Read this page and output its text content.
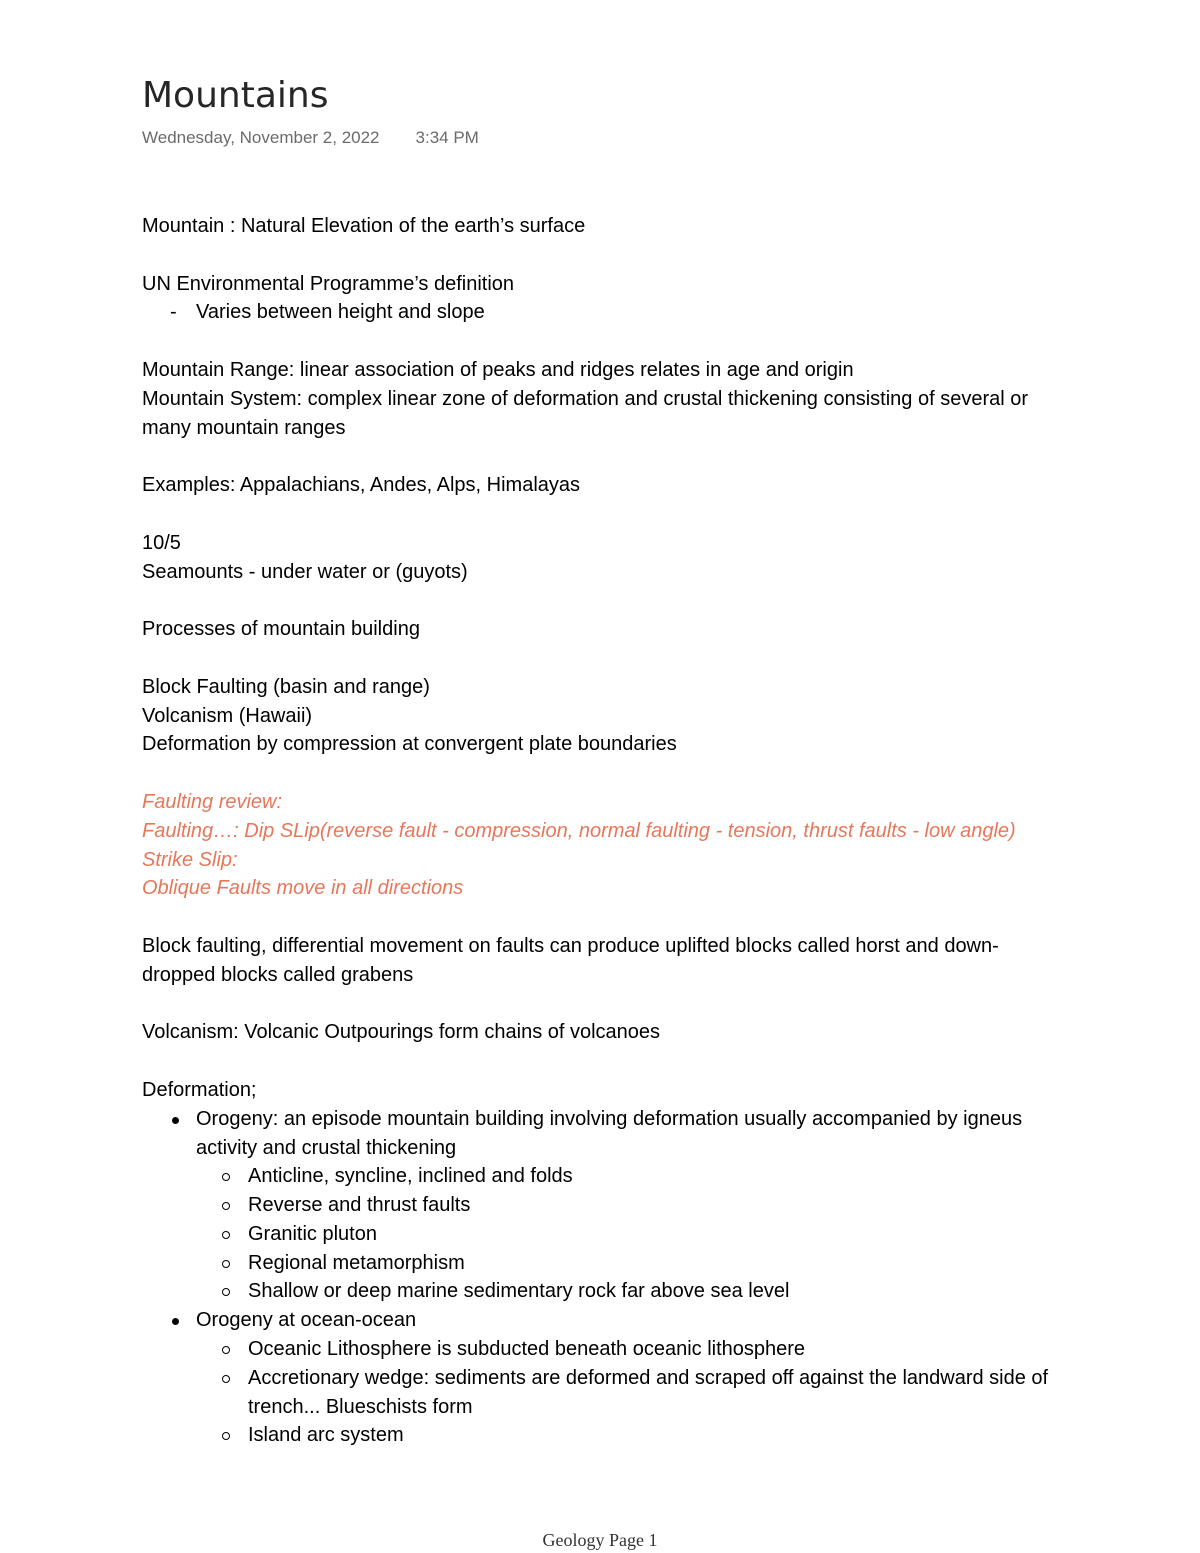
Mountains
Wednesday, November 2, 2022 3:34 PM

Mountain : Natural Elevation of the earth’s surface

UN Environmental Programme’s definition

- Varies between height and slope

Mountain Range: linear association of peaks and ridges relates in age and origin

Mountain System: complex linear zone of deformation and crustal thickening consisting of several or many mountain ranges

Examples: Appalachians, Andes, Alps, Himalayas

10/5

Seamounts - under water or (guyots)

Processes of mountain building

Block Faulting (basin and range)

Volcanism (Hawaii)

Deformation by compression at convergent plate boundaries

Faulting review:

Faulting…: Dip SLip(reverse fault - compression, normal faulting - tension, thrust faults - low angle)

Strike Slip:

Oblique Faults move in all directions

Block faulting, differential movement on faults can produce uplifted blocks called horst and down-dropped blocks called grabens

Volcanism: Volcanic Outpourings form chains of volcanoes

Deformation;

Orogeny: an episode mountain building involving deformation usually accompanied by igneus activity and crustal thickening
Anticline, syncline, inclined and folds
Reverse and thrust faults
Granitic pluton
Regional metamorphism
Shallow or deep marine sedimentary rock far above sea level
Orogeny at ocean-ocean
Oceanic Lithosphere is subducted beneath oceanic lithosphere
Accretionary wedge: sediments are deformed and scraped off against the landward side of trench... Blueschists form
Island arc system
Geology Page 1
